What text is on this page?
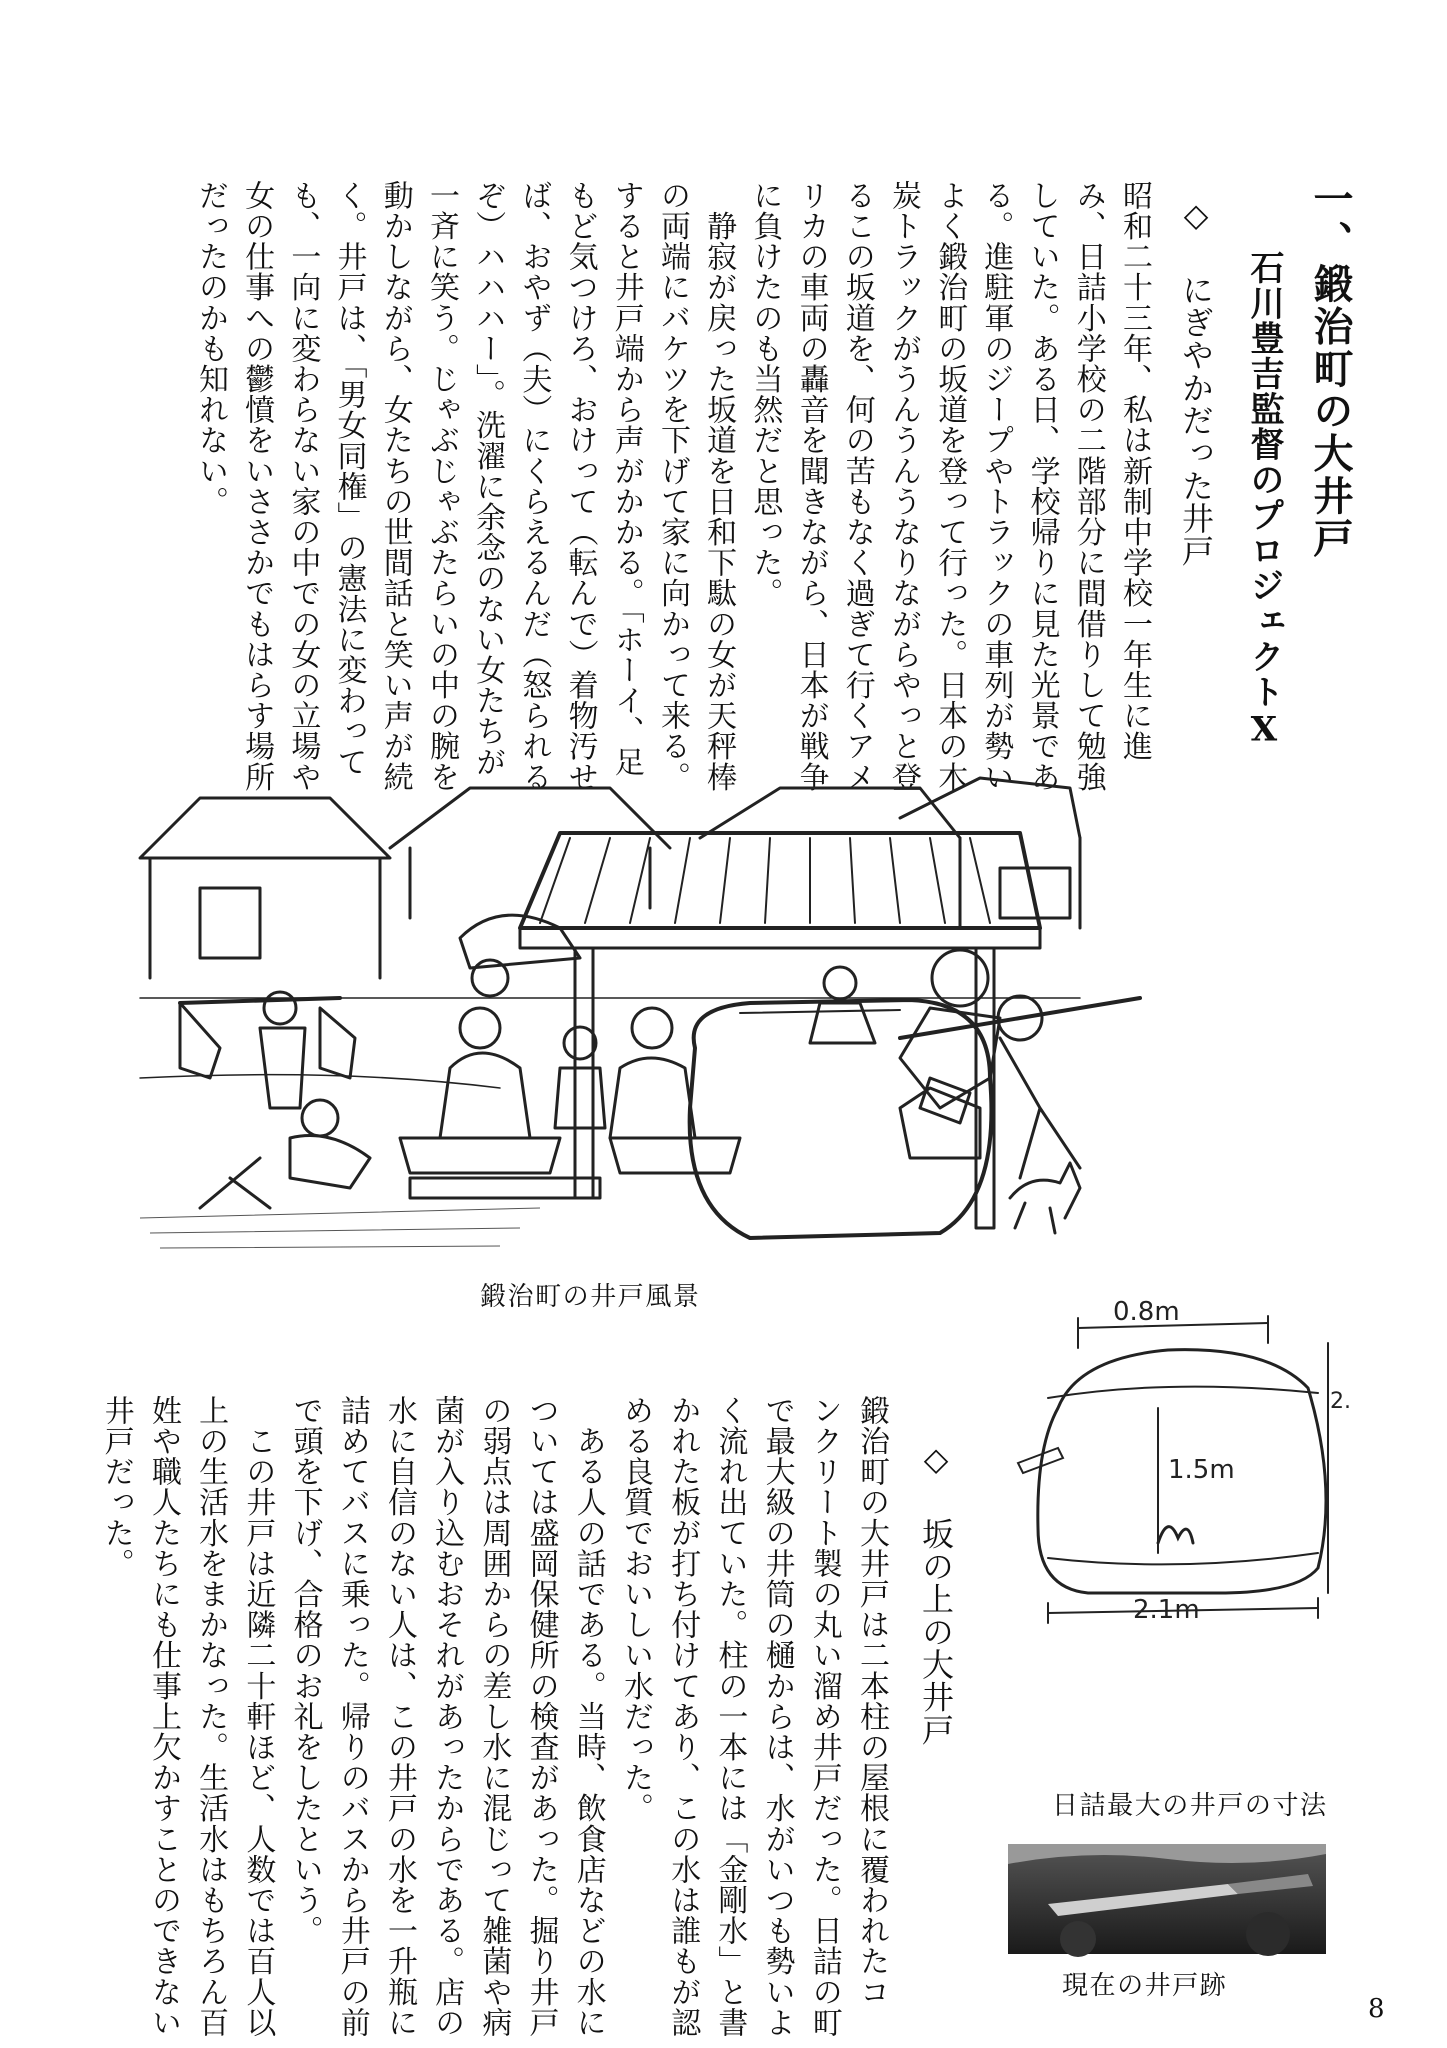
一、鍛治町の大井戸
石川豊吉監督のプロジェクトX
◇ にぎやかだった井戸
昭和二十三年、私は新制中学校一年生に進
み、日詰小学校の二階部分に間借りして勉強
していた。ある日、学校帰りに見た光景であ
る。進駐軍のジープやトラックの車列が勢い
よく鍛治町の坂道を登って行った。日本の木
炭トラックがうんうんうなりながらやっと登
るこの坂道を、何の苦もなく過ぎて行くアメ
リカの車両の轟音を聞きながら、日本が戦争
に負けたのも当然だと思った。
　静寂が戻った坂道を日和下駄の女が天秤棒
の両端にバケツを下げて家に向かって来る。
すると井戸端から声がかかる。「ホーイ、足
もど気つけろ、おけって（転んで）着物汚せ
ば、おやず（夫）にくらえるんだ（怒られる
ぞ）ハハハー」。洗濯に余念のない女たちが
一斉に笑う。じゃぶじゃぶたらいの中の腕を
動かしながら、女たちの世間話と笑い声が続
く。井戸は、「男女同権」の憲法に変わって
も、一向に変わらない家の中での女の立場や
女の仕事への鬱憤をいささかでもはらす場所
だったのかも知れない。
鍛治町の井戸風景	0.8m
1.5m
2.1m
2.
日詰最大の井戸の寸法
現在の井戸跡
◇ 坂の上の大井戸
鍛治町の大井戸は二本柱の屋根に覆われたコ
ンクリート製の丸い溜め井戸だった。日詰の町
で最大級の井筒の樋からは、水がいつも勢いよ
く流れ出ていた。柱の一本には「金剛水」と書
かれた板が打ち付けてあり、この水は誰もが認
める良質でおいしい水だった。
　ある人の話である。当時、飲食店などの水に
ついては盛岡保健所の検査があった。掘り井戸
の弱点は周囲からの差し水に混じって雑菌や病
菌が入り込むおそれがあったからである。店の
水に自信のない人は、この井戸の水を一升瓶に
詰めてバスに乗った。帰りのバスから井戸の前
で頭を下げ、合格のお礼をしたという。
　この井戸は近隣二十軒ほど、人数では百人以
上の生活水をまかなった。生活水はもちろん百
姓や職人たちにも仕事上欠かすことのできない
井戸だった。
8
